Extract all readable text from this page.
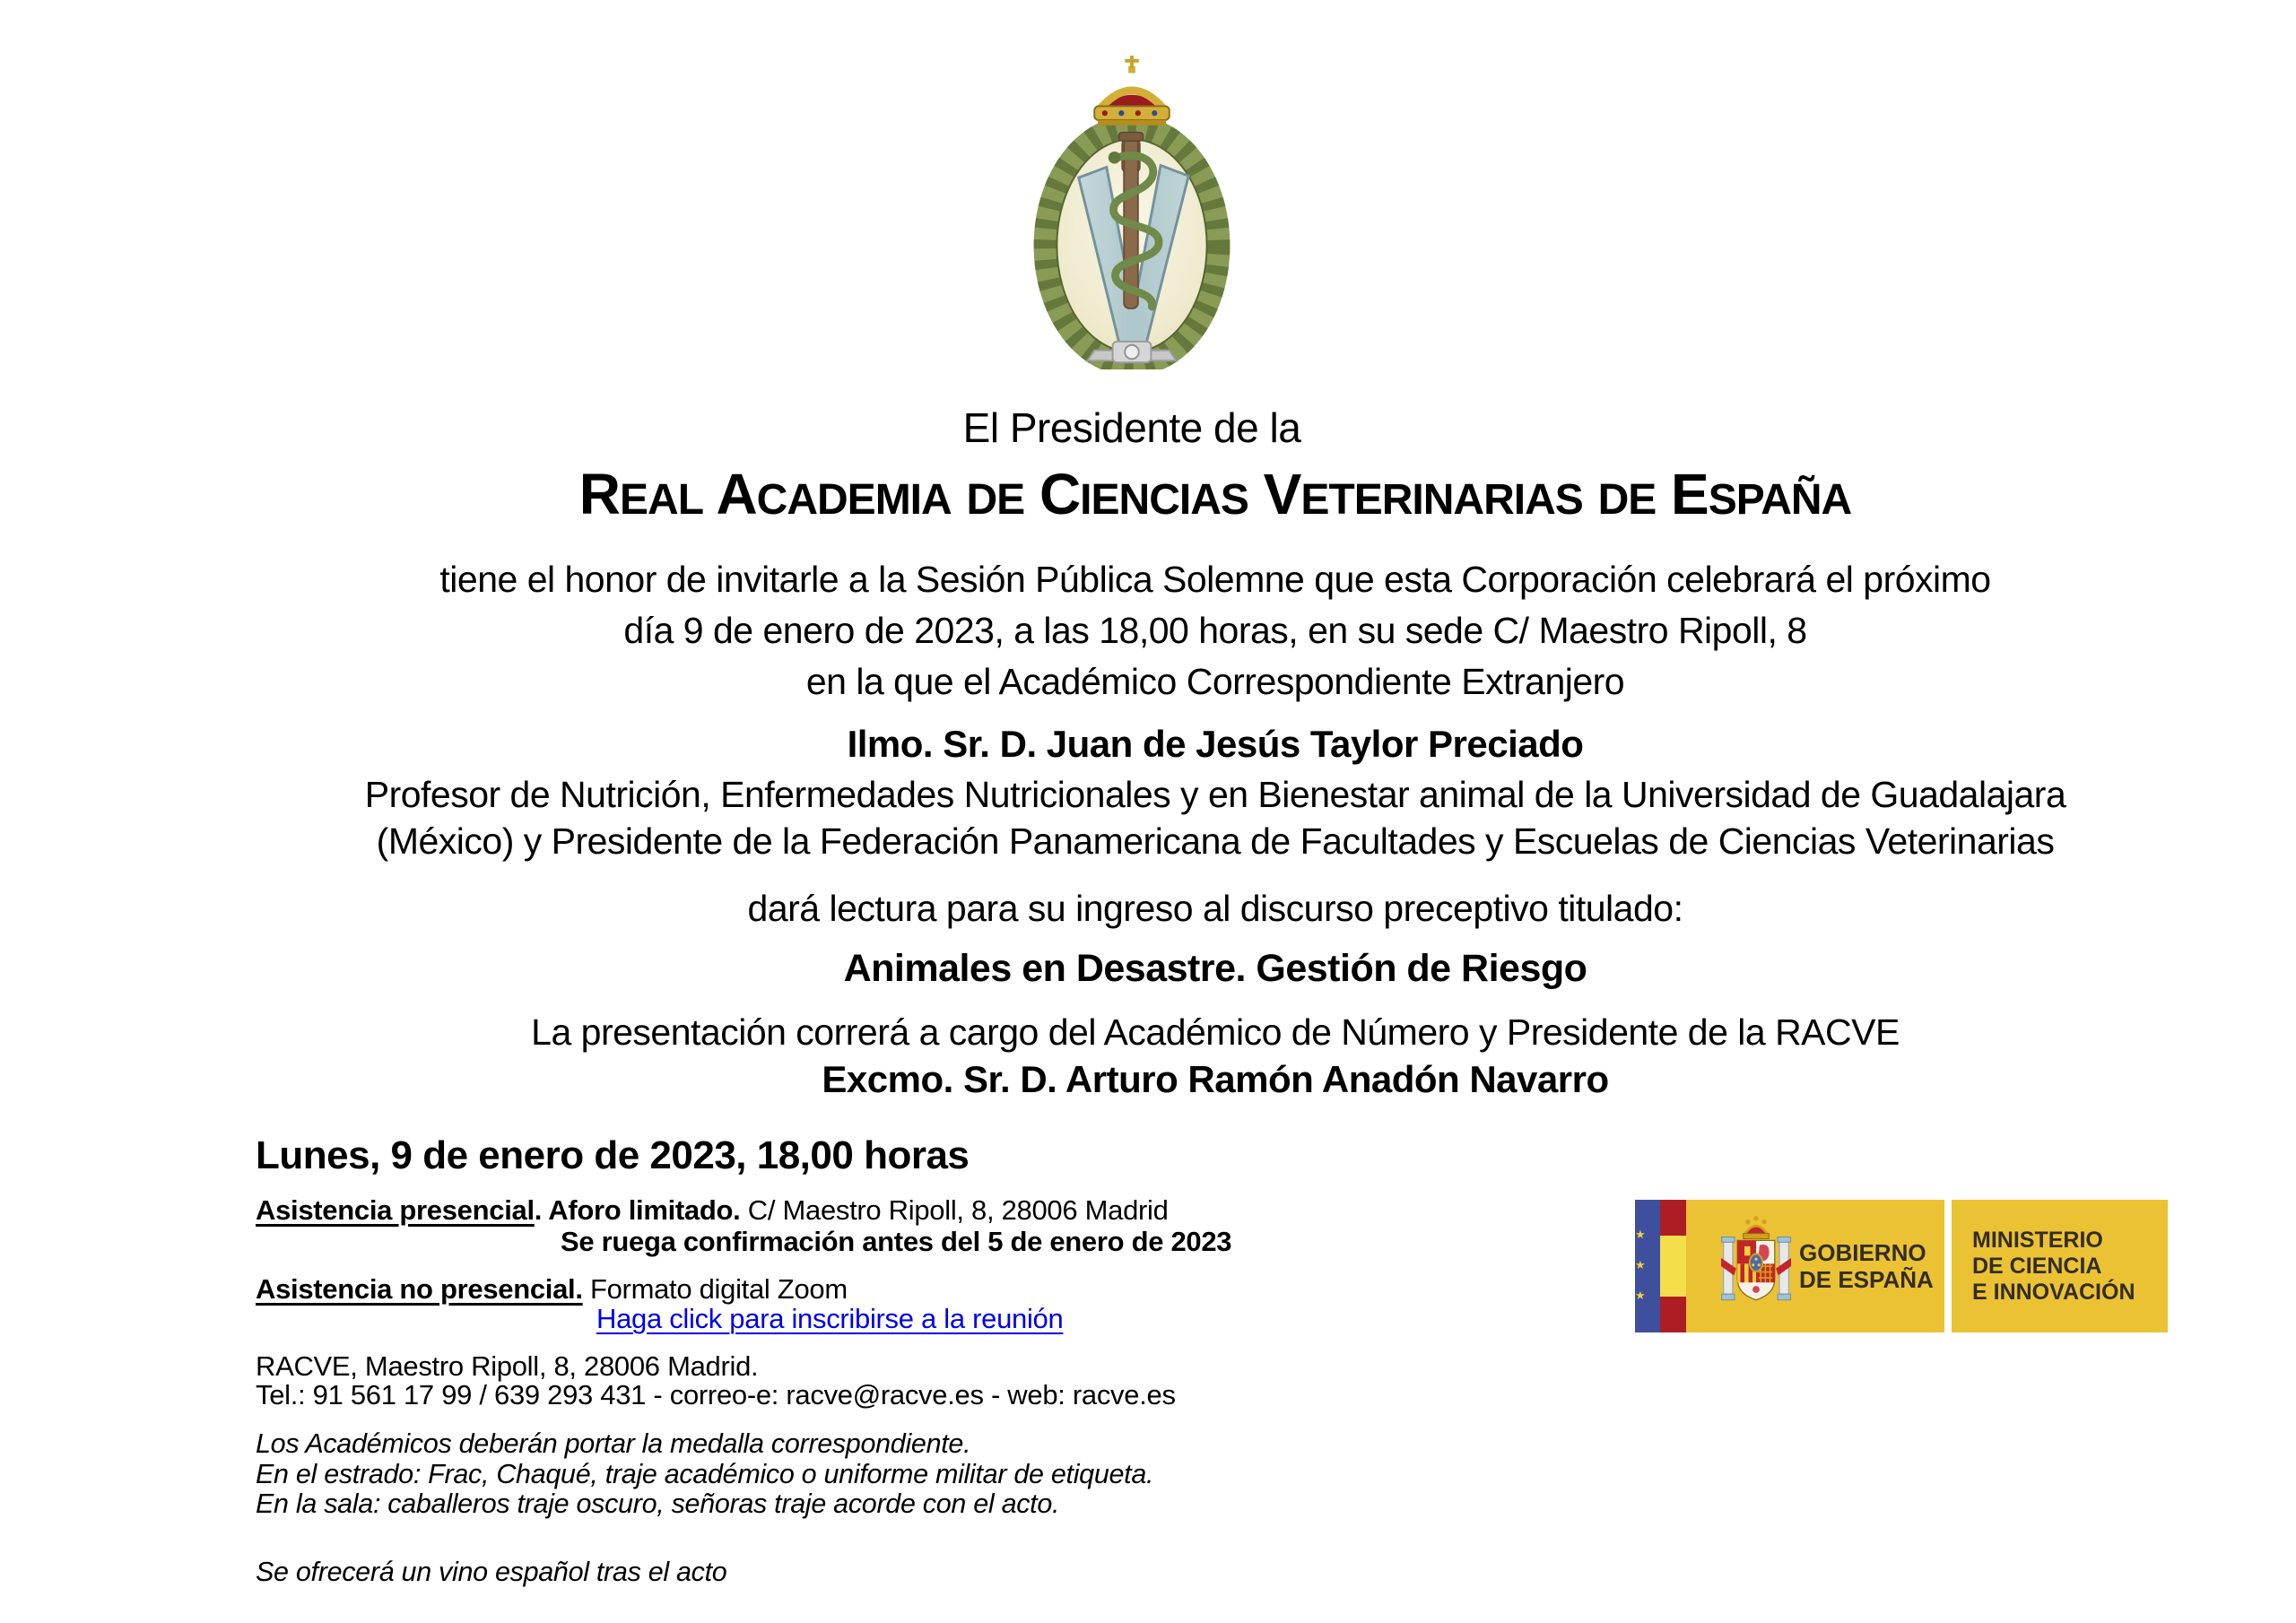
El Presidente de la
REAL ACADEMIA DE CIENCIAS VETERINARIAS DE ESPAÑA
tiene el honor de invitarle a la Sesión Pública Solemne que esta Corporación celebrará el próximo
día 9 de enero de 2023, a las 18,00 horas, en su sede C/ Maestro Ripoll, 8
en la que el Académico Correspondiente Extranjero
Ilmo. Sr. D. Juan de Jesús Taylor Preciado
Profesor de Nutrición, Enfermedades Nutricionales y en Bienestar animal de la Universidad de Guadalajara
(México) y Presidente de la Federación Panamericana de Facultades y Escuelas de Ciencias Veterinarias
dará lectura para su ingreso al discurso preceptivo titulado:
Animales en Desastre. Gestión de Riesgo
La presentación correrá a cargo del Académico de Número y Presidente de la RACVE
Excmo. Sr. D. Arturo Ramón Anadón Navarro
Lunes, 9 de enero de 2023, 18,00 horas
Asistencia presencial. Aforo limitado. C/ Maestro Ripoll, 8, 28006 Madrid
Se ruega confirmación antes del 5 de enero de 2023
Asistencia no presencial. Formato digital Zoom
Haga click para inscribirse a la reunión
RACVE, Maestro Ripoll, 8, 28006 Madrid.
Tel.: 91 561 17 99 / 639 293 431 - correo-e: racve@racve.es - web: racve.es
Los Académicos deberán portar la medalla correspondiente.
En el estrado: Frac, Chaqué, traje académico o uniforme militar de etiqueta.
En la sala: caballeros traje oscuro, señoras traje acorde con el acto.
Se ofrecerá un vino español tras el acto
★
★
★
GOBIERNO
DE ESPAÑA
MINISTERIO
DE CIENCIA
E INNOVACIÓN
